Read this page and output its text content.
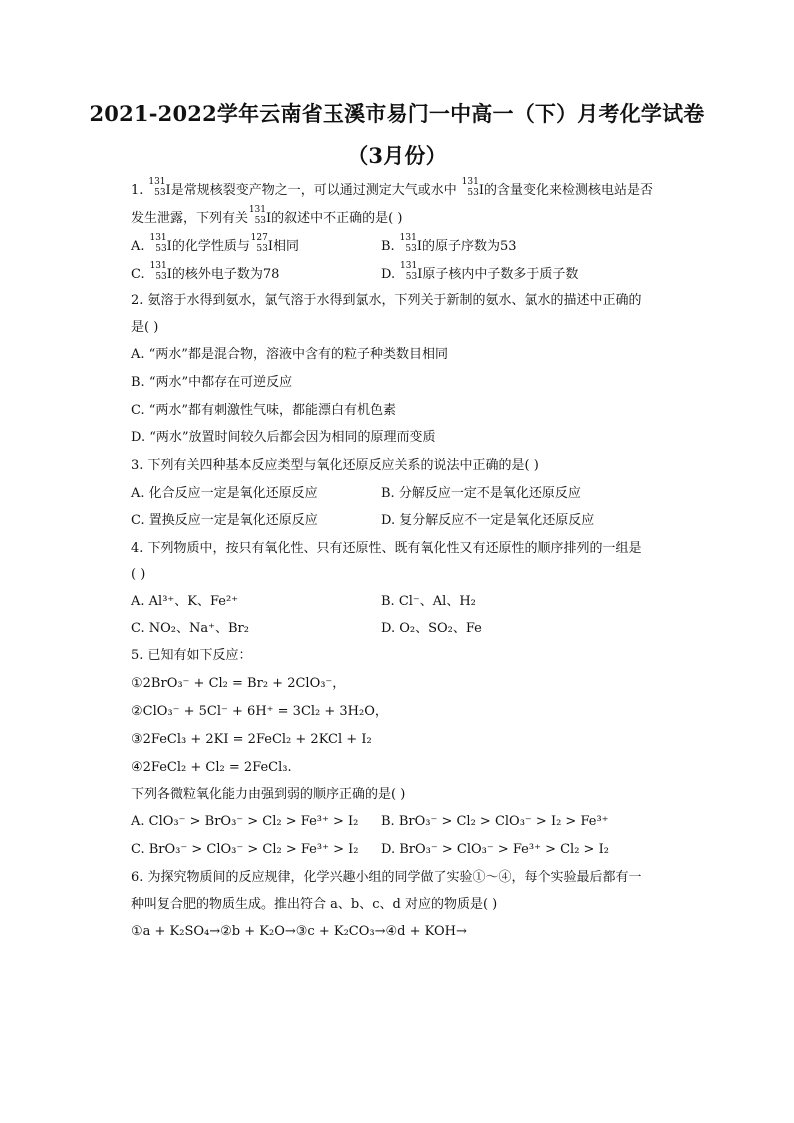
2021-2022学年云南省玉溪市易门一中高一（下）月考化学试卷
（3月份）
1.
131
53 I是常规核裂变产物之一，可以通过测定大气或水中
131
53 I的含量变化来检测核电站是否
发生泄露，下列有关
131
53 I的叙述中不正确的是( )
A.
131
53 I的化学性质与
127
53 I相同	B.
131
53 I的原子序数为53
C.
131
53 I的核外电子数为78	D.
131
53 I原子核内中子数多于质子数
2. 氨溶于水得到氨水，氯气溶于水得到氯水，下列关于新制的氨水、氯水的描述中正确的
是( )
A. “两水”都是混合物，溶液中含有的粒子种类数目相同
B. “两水”中都存在可逆反应
C. “两水”都有刺激性气味，都能漂白有机色素
D. “两水”放置时间较久后都会因为相同的原理而变质
3. 下列有关四种基本反应类型与氧化还原反应关系的说法中正确的是( )
A. 化合反应一定是氧化还原反应	B. 分解反应一定不是氧化还原反应
C. 置换反应一定是氧化还原反应	D. 复分解反应不一定是氧化还原反应
4. 下列物质中，按只有氧化性、只有还原性、既有氧化性又有还原性的顺序排列的一组是
( )
A. Al³⁺、K、Fe²⁺	B. Cl⁻、Al、H₂
C. NO₂、Na⁺、Br₂	D. O₂、SO₂、Fe
5. 已知有如下反应：
①2BrO₃⁻ + Cl₂ = Br₂ + 2ClO₃⁻，
②ClO₃⁻ + 5Cl⁻ + 6H⁺ = 3Cl₂ + 3H₂O，
③2FeCl₃ + 2KI = 2FeCl₂ + 2KCl + I₂
④2FeCl₂ + Cl₂ = 2FeCl₃.
下列各微粒氧化能力由强到弱的顺序正确的是( )
A. ClO₃⁻ > BrO₃⁻ > Cl₂ > Fe³⁺ > I₂ B. BrO₃⁻ > Cl₂ > ClO₃⁻ > I₂ > Fe³⁺
C. BrO₃⁻ > ClO₃⁻ > Cl₂ > Fe³⁺ > I₂ D. BrO₃⁻ > ClO₃⁻ > Fe³⁺ > Cl₂ > I₂
6. 为探究物质间的反应规律，化学兴趣小组的同学做了实验①～④，每个实验最后都有一
种叫复合肥的物质生成。推出符合 a、b、c、d 对应的物质是( )
①a + K₂SO₄→②b + K₂O→③c + K₂CO₃→④d + KOH→
